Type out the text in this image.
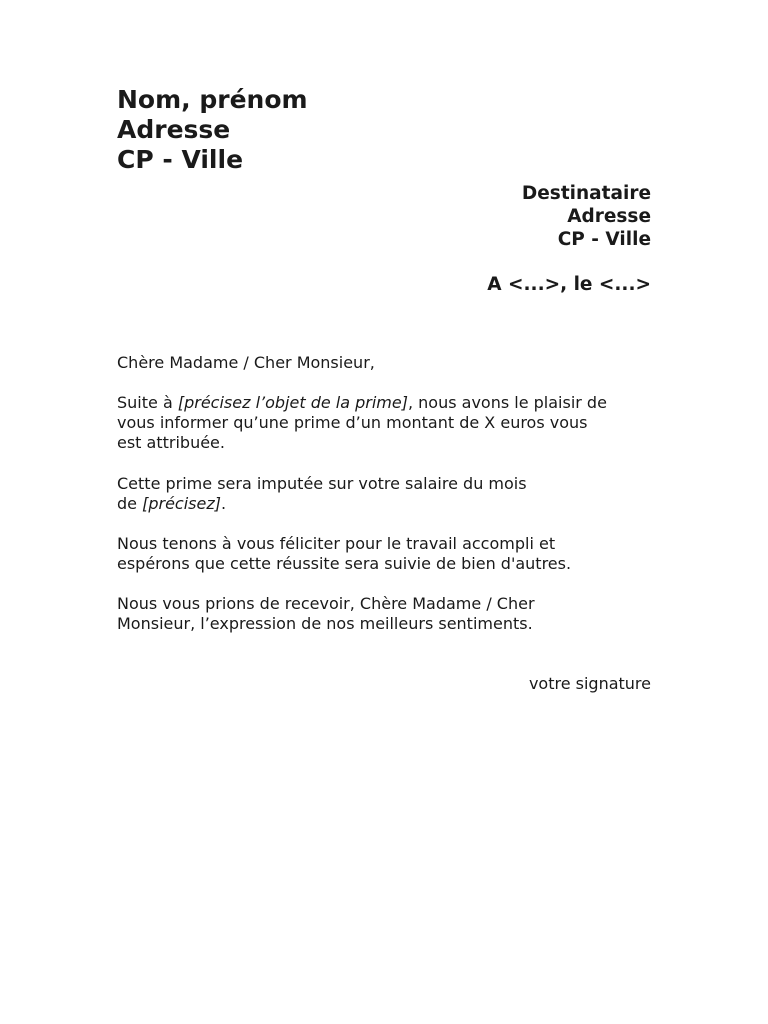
Nom, prénom
Adresse
CP - Ville
Destinataire
Adresse
CP - Ville
A <...>, le <...>
Chère Madame / Cher Monsieur,
Suite à [précisez l’objet de la prime], nous avons le plaisir de
vous informer qu’une prime d’un montant de X euros vous
est attribuée.
Cette prime sera imputée sur votre salaire du mois
de [précisez].
Nous tenons à vous féliciter pour le travail accompli et
espérons que cette réussite sera suivie de bien d'autres.
Nous vous prions de recevoir, Chère Madame / Cher
Monsieur, l’expression de nos meilleurs sentiments.
votre signature
